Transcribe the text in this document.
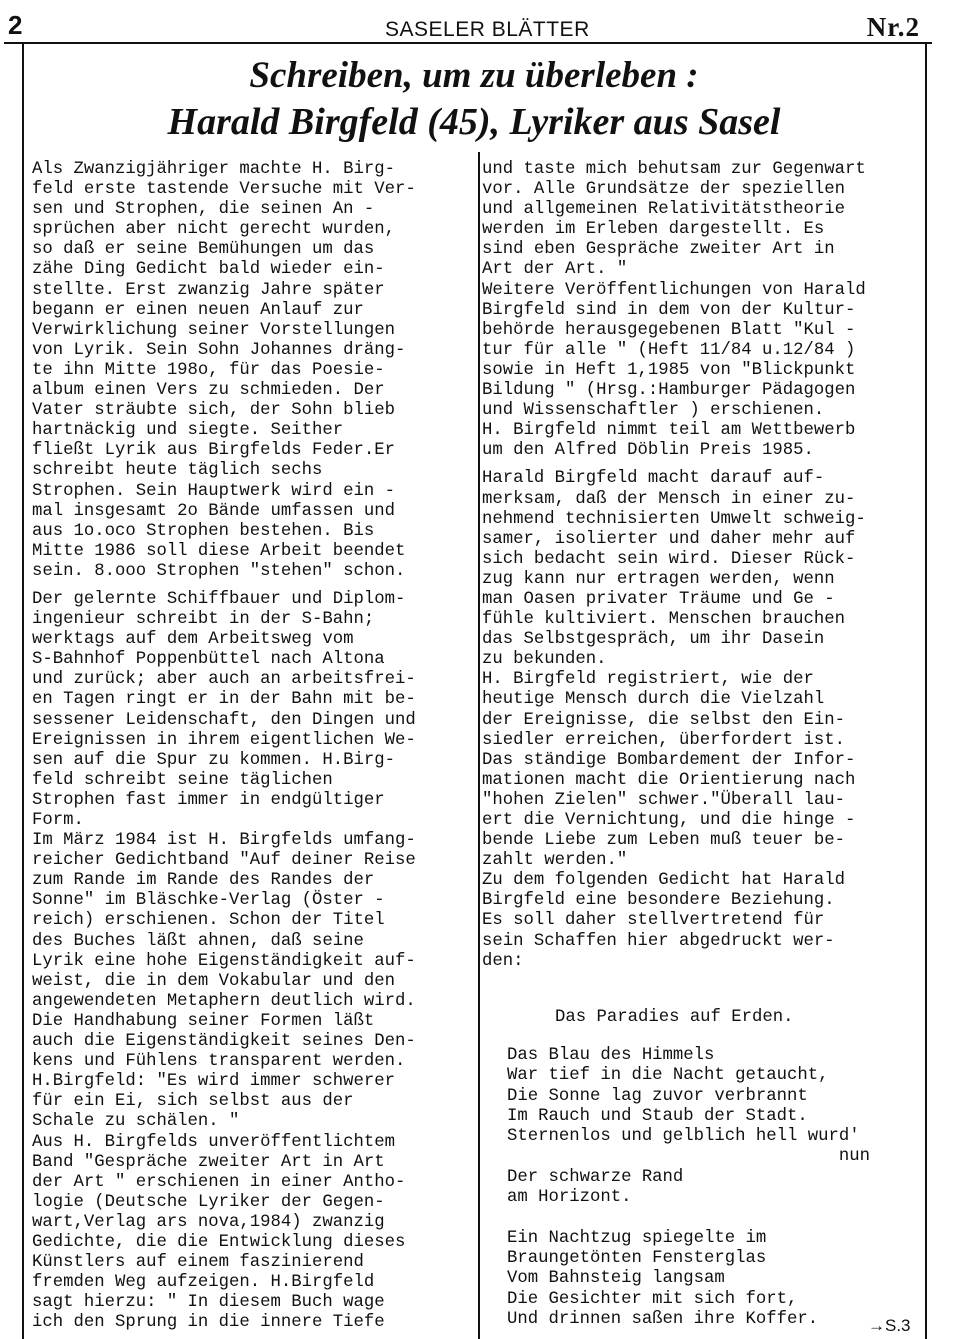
2	SASELER BLÄTTER	Nr.2
Schreiben, um zu überleben :
Harald Birgfeld (45), Lyriker aus Sasel
Als Zwanzigjähriger machte H. Birg-
feld erste tastende Versuche mit Ver-
sen und Strophen, die seinen An -
sprüchen aber nicht gerecht wurden,
so daß er seine Bemühungen um das
zähe Ding Gedicht bald wieder ein-
stellte. Erst zwanzig Jahre später
begann er einen neuen Anlauf zur
Verwirklichung seiner Vorstellungen
von Lyrik. Sein Sohn Johannes dräng-
te ihn Mitte 198o, für das Poesie-
album einen Vers zu schmieden. Der
Vater sträubte sich, der Sohn blieb
hartnäckig und siegte. Seither
fließt Lyrik aus Birgfelds Feder.Er
schreibt heute täglich sechs
Strophen. Sein Hauptwerk wird ein -
mal insgesamt 2o Bände umfassen und
aus 1o.oco Strophen bestehen. Bis
Mitte 1986 soll diese Arbeit beendet
sein. 8.ooo Strophen "stehen" schon.
Der gelernte Schiffbauer und Diplom-
ingenieur schreibt in der S-Bahn;
werktags auf dem Arbeitsweg vom
S-Bahnhof Poppenbüttel nach Altona
und zurück; aber auch an arbeitsfrei-
en Tagen ringt er in der Bahn mit be-
sessener Leidenschaft, den Dingen und
Ereignissen in ihrem eigentlichen We-
sen auf die Spur zu kommen. H.Birg-
feld schreibt seine täglichen
Strophen fast immer in endgültiger
Form.
Im März 1984 ist H. Birgfelds umfang-
reicher Gedichtband "Auf deiner Reise
zum Rande im Rande des Randes der
Sonne" im Bläschke-Verlag (Öster -
reich) erschienen. Schon der Titel
des Buches läßt ahnen, daß seine
Lyrik eine hohe Eigenständigkeit auf-
weist, die in dem Vokabular und den
angewendeten Metaphern deutlich wird.
Die Handhabung seiner Formen läßt
auch die Eigenständigkeit seines Den-
kens und Fühlens transparent werden.
H.Birgfeld: "Es wird immer schwerer
für ein Ei, sich selbst aus der
Schale zu schälen. "
Aus H. Birgfelds unveröffentlichtem
Band "Gespräche zweiter Art in Art
der Art " erschienen in einer Antho-
logie (Deutsche Lyriker der Gegen-
wart,Verlag ars nova,1984) zwanzig
Gedichte, die die Entwicklung dieses
Künstlers auf einem faszinierend
fremden Weg aufzeigen. H.Birgfeld
sagt hierzu: " In diesem Buch wage
ich den Sprung in die innere Tiefe
und taste mich behutsam zur Gegenwart
vor. Alle Grundsätze der speziellen
und allgemeinen Relativitätstheorie
werden im Erleben dargestellt. Es
sind eben Gespräche zweiter Art in
Art der Art. "
Weitere Veröffentlichungen von Harald
Birgfeld sind in dem von der Kultur-
behörde herausgegebenen Blatt "Kul -
tur für alle " (Heft 11/84 u.12/84 )
sowie in Heft 1,1985 von "Blickpunkt
Bildung " (Hrsg.:Hamburger Pädagogen
und Wissenschaftler ) erschienen.
H. Birgfeld nimmt teil am Wettbewerb
um den Alfred Döblin Preis 1985.
Harald Birgfeld macht darauf auf-
merksam, daß der Mensch in einer zu-
nehmend technisierten Umwelt schweig-
samer, isolierter und daher mehr auf
sich bedacht sein wird. Dieser Rück-
zug kann nur ertragen werden, wenn
man Oasen privater Träume und Ge -
fühle kultiviert. Menschen brauchen
das Selbstgespräch, um ihr Dasein
zu bekunden.
H. Birgfeld registriert, wie der
heutige Mensch durch die Vielzahl
der Ereignisse, die selbst den Ein-
siedler erreichen, überfordert ist.
Das ständige Bombardement der Infor-
mationen macht die Orientierung nach
"hohen Zielen" schwer."Überall lau-
ert die Vernichtung, und die hinge -
bende Liebe zum Leben muß teuer be-
zahlt werden."
Zu dem folgenden Gedicht hat Harald
Birgfeld eine besondere Beziehung.
Es soll daher stellvertretend für
sein Schaffen hier abgedruckt wer-
den:
Das Paradies auf Erden.
Das Blau des Himmels
War tief in die Nacht getaucht,
Die Sonne lag zuvor verbrannt
Im Rauch und Staub der Stadt.
Sternenlos und gelblich hell wurd'
nun
Der schwarze Rand
am Horizont.

Ein Nachtzug spiegelte im
Braungetönten Fensterglas
Vom Bahnsteig langsam
Die Gesichter mit sich fort,
Und drinnen saßen ihre Koffer.	→S.3
